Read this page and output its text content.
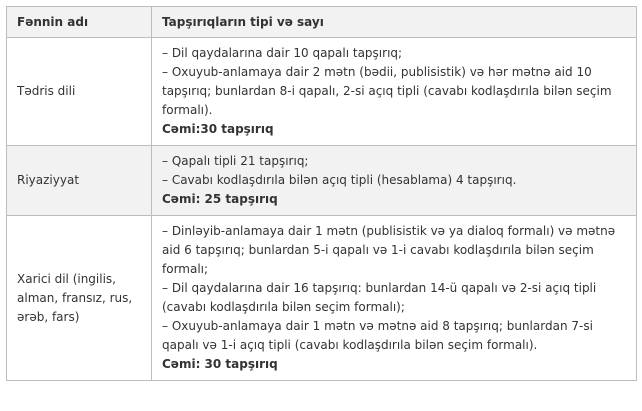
Fənnin adı	Tapşırıqların tipi və sayı
Tədris dili	– Dil qaydalarına dair 10 qapalı tapşırıq;
– Oxuyub-anlamaya dair 2 mətn (bədii, publisistik) və hər mətnə aid 10 tapşırıq; bunlardan 8-i qapalı, 2-si açıq tipli (cavabı kodlaşdırıla bilən seçim formalı).
Cəmi:30 tapşırıq

Riyaziyyat	– Qapalı tipli 21 tapşırıq;
– Cavabı kodlaşdırıla bilən açıq tipli (hesablama) 4 tapşırıq.
Cəmi: 25 tapşırıq

Xarici dil (ingilis, alman, fransız, rus, ərəb, fars)	– Dinləyib-anlamaya dair 1 mətn (publisistik və ya dialoq formalı) və mətnə aid 6 tapşırıq; bunlardan 5-i qapalı və 1-i cavabı kodlaşdırıla bilən seçim formalı;
– Dil qaydalarına dair 16 tapşırıq: bunlardan 14-ü qapalı və 2-si açıq tipli (cavabı kodlaşdırıla bilən seçim formalı);
– Oxuyub-anlamaya dair 1 mətn və mətnə aid 8 tapşırıq; bunlardan 7-si qapalı və 1-i açıq tipli (cavabı kodlaşdırıla bilən seçim formalı).
Cəmi: 30 tapşırıq
